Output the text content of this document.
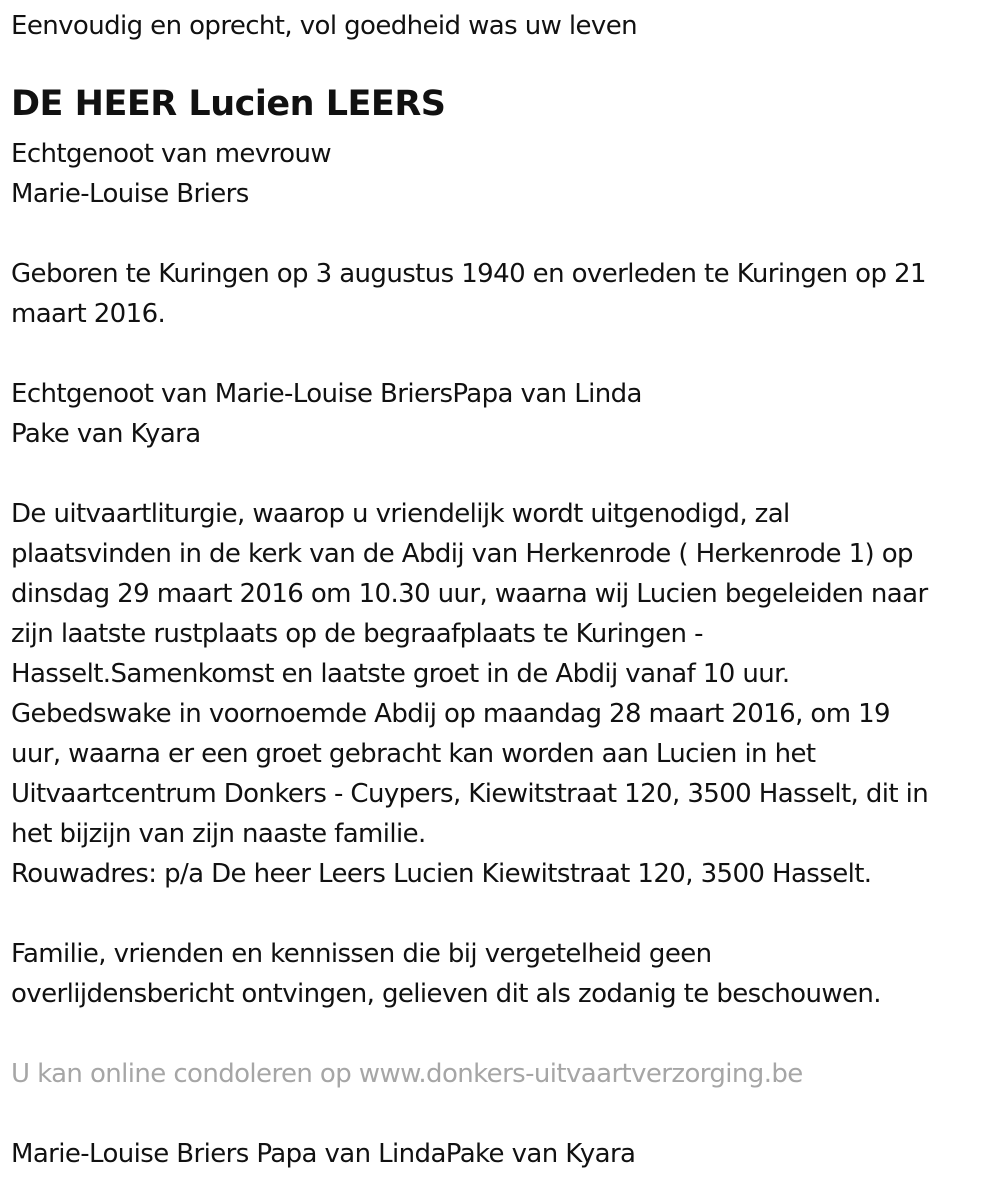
Eenvoudig en oprecht, vol goedheid was uw leven
DE HEER Lucien LEERS
Echtgenoot van mevrouw
Marie-Louise Briers
Geboren te Kuringen op 3 augustus 1940 en overleden te Kuringen op 21
maart 2016.
Echtgenoot van Marie-Louise BriersPapa van Linda
Pake van Kyara
De uitvaartliturgie, waarop u vriendelijk wordt uitgenodigd, zal
plaatsvinden in de kerk van de Abdij van Herkenrode ( Herkenrode 1) op
dinsdag 29 maart 2016 om 10.30 uur, waarna wij Lucien begeleiden naar
zijn laatste rustplaats op de begraafplaats te Kuringen -
Hasselt.Samenkomst en laatste groet in de Abdij vanaf 10 uur.
Gebedswake in voornoemde Abdij op maandag 28 maart 2016, om 19
uur, waarna er een groet gebracht kan worden aan Lucien in het
Uitvaartcentrum Donkers - Cuypers, Kiewitstraat 120, 3500 Hasselt, dit in
het bijzijn van zijn naaste familie.
Rouwadres: p/a De heer Leers Lucien Kiewitstraat 120, 3500 Hasselt.
Familie, vrienden en kennissen die bij vergetelheid geen
overlijdensbericht ontvingen, gelieven dit als zodanig te beschouwen.
U kan online condoleren op www.donkers-uitvaartverzorging.be
Marie-Louise Briers Papa van LindaPake van Kyara
